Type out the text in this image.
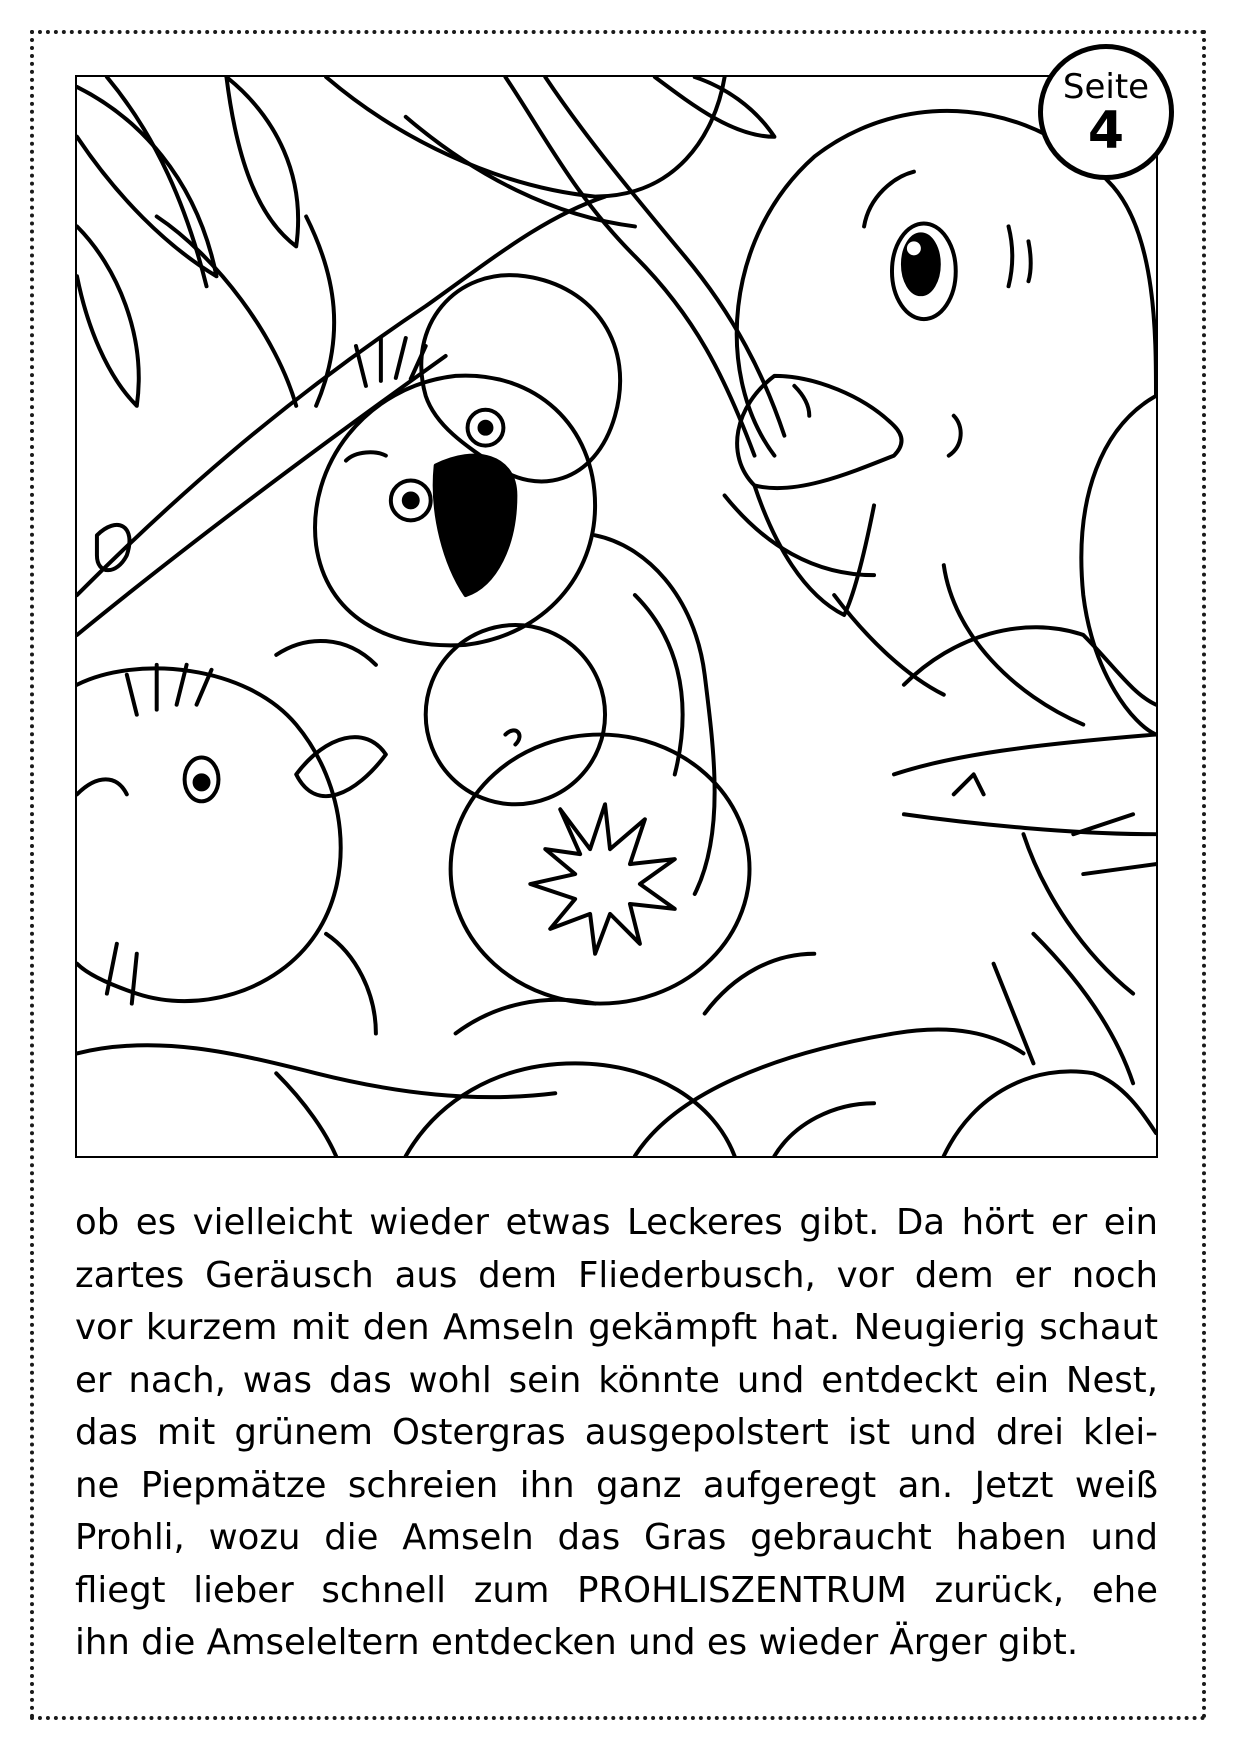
Seite
4
ob es vielleicht wieder etwas Leckeres gibt. Da hört er ein
zartes Geräusch aus dem Fliederbusch, vor dem er noch
vor kurzem mit den Amseln gekämpft hat. Neugierig schaut
er nach, was das wohl sein könnte und entdeckt ein Nest,
das mit grünem Ostergras ausgepolstert ist und drei klei-
ne Piepmätze schreien ihn ganz aufgeregt an. Jetzt weiß
Prohli, wozu die Amseln das Gras gebraucht haben und
fliegt lieber schnell zum PROHLISZENTRUM zurück, ehe
ihn die Amseleltern entdecken und es wieder Ärger gibt.
